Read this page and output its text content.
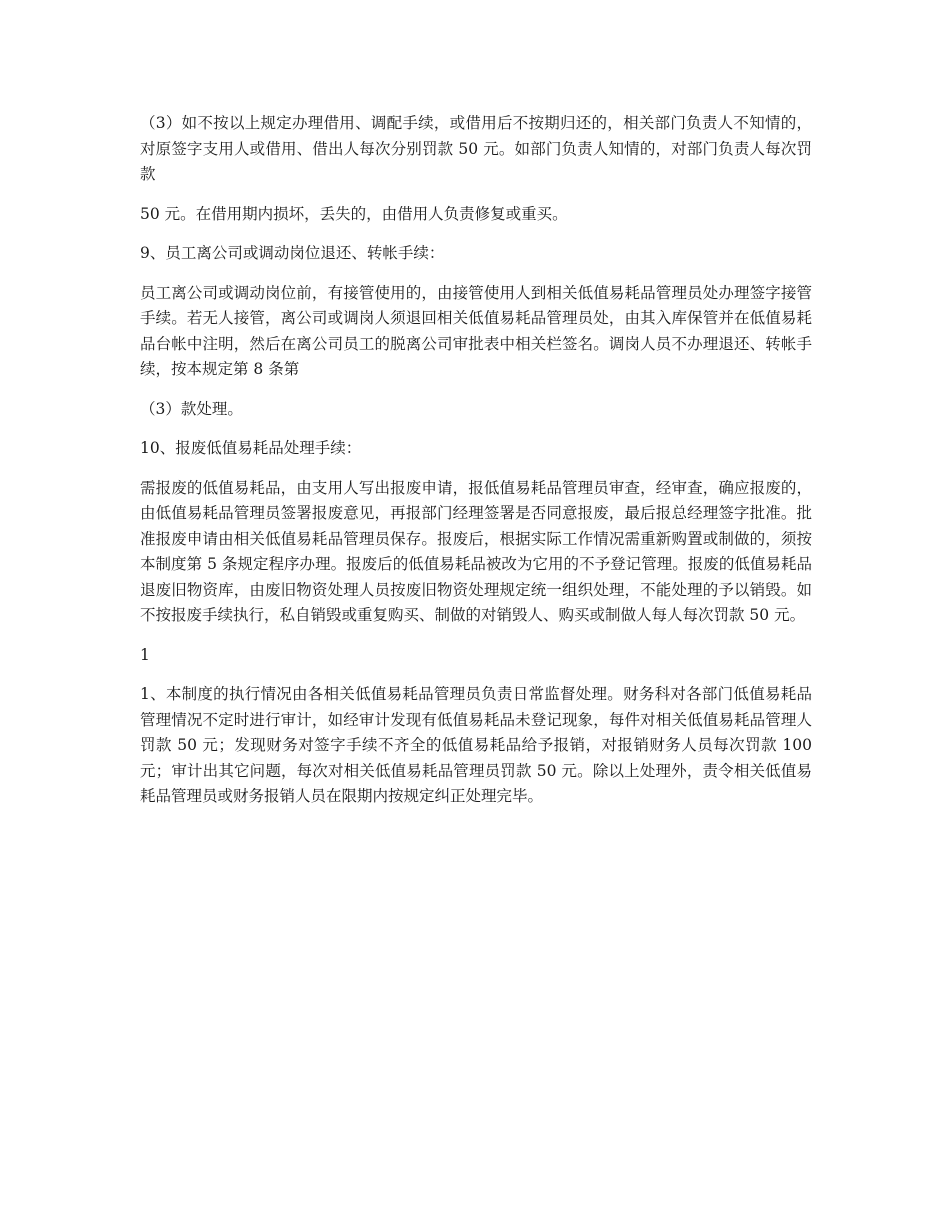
（3）如不按以上规定办理借用、调配手续，或借用后不按期归还的，相关部门负责人不知情的，对原签字支用人或借用、借出人每次分别罚款 50 元。如部门负责人知情的，对部门负责人每次罚款

50 元。在借用期内损坏，丢失的，由借用人负责修复或重买。

9、员工离公司或调动岗位退还、转帐手续：

员工离公司或调动岗位前，有接管使用的，由接管使用人到相关低值易耗品管理员处办理签字接管手续。若无人接管，离公司或调岗人须退回相关低值易耗品管理员处，由其入库保管并在低值易耗品台帐中注明，然后在离公司员工的脱离公司审批表中相关栏签名。调岗人员不办理退还、转帐手续，按本规定第 8 条第

（3）款处理。

10、报废低值易耗品处理手续：

需报废的低值易耗品，由支用人写出报废申请，报低值易耗品管理员审查，经审查，确应报废的，由低值易耗品管理员签署报废意见，再报部门经理签署是否同意报废，最后报总经理签字批准。批准报废申请由相关低值易耗品管理员保存。报废后，根据实际工作情况需重新购置或制做的，须按本制度第 5 条规定程序办理。报废后的低值易耗品被改为它用的不予登记管理。报废的低值易耗品退废旧物资库，由废旧物资处理人员按废旧物资处理规定统一组织处理，不能处理的予以销毁。如不按报废手续执行，私自销毁或重复购买、制做的对销毁人、购买或制做人每人每次罚款 50 元。

1

1、本制度的执行情况由各相关低值易耗品管理员负责日常监督处理。财务科对各部门低值易耗品管理情况不定时进行审计，如经审计发现有低值易耗品未登记现象，每件对相关低值易耗品管理人罚款 50 元；发现财务对签字手续不齐全的低值易耗品给予报销，对报销财务人员每次罚款 100 元；审计出其它问题，每次对相关低值易耗品管理员罚款 50 元。除以上处理外，责令相关低值易耗品管理员或财务报销人员在限期内按规定纠正处理完毕。
